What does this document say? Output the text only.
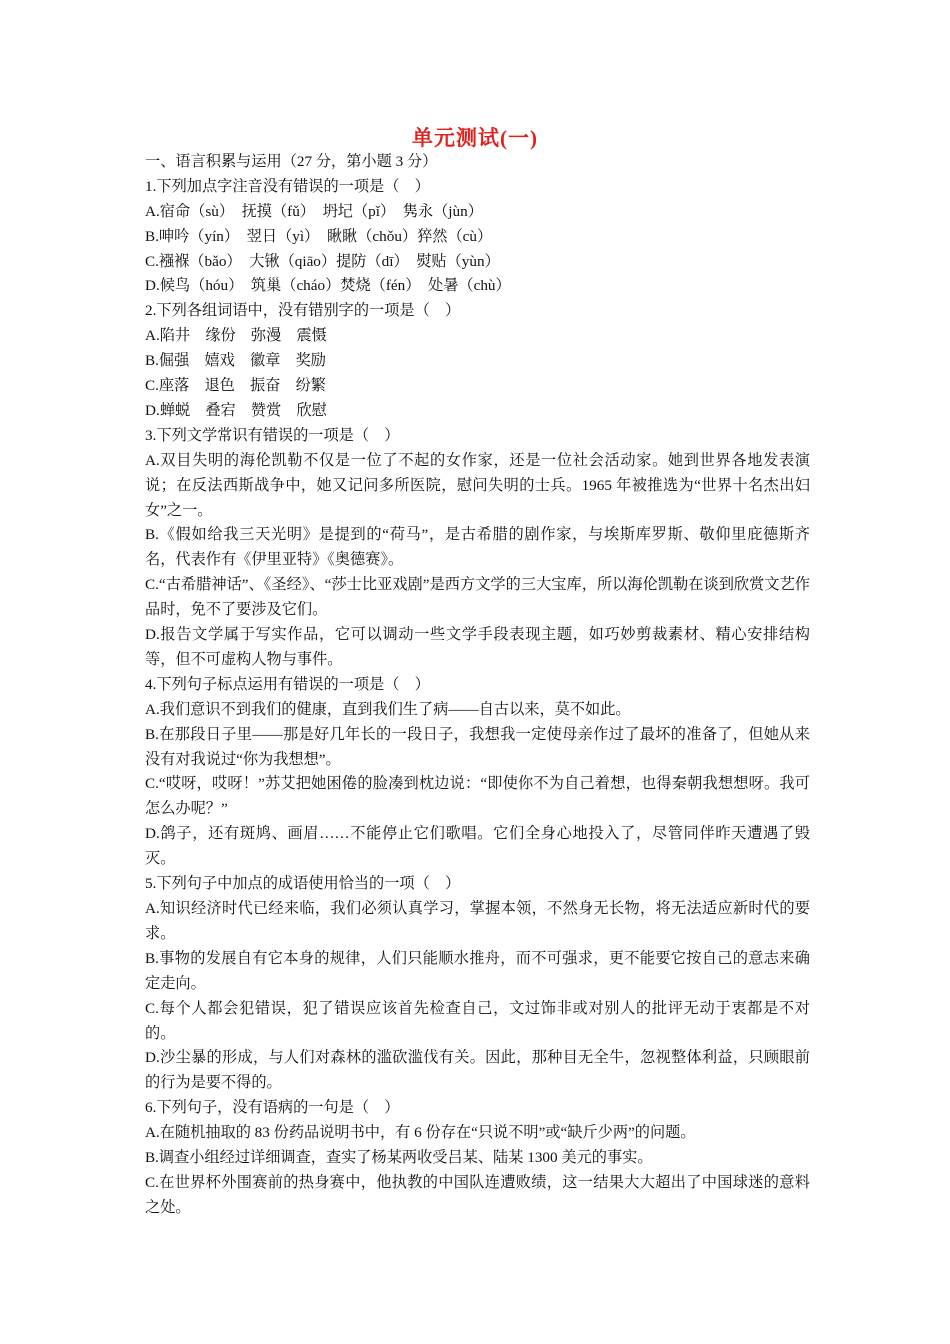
单元测试(一)
一、语言积累与运用（27 分，第小题 3 分）
1.下列加点字注音没有错误的一项是（　）
A.宿命（sù）　抚摸（fǔ）　坍圮（pǐ）　隽永（jùn）
B.呻吟（yín）　翌日（yì）　瞅瞅（chǒu）猝然（cù）
C.襁褓（bǎo）　大锹（qiāo）提防（dī）　熨贴（yùn）
D.候鸟（hóu）　筑巢（cháo）焚烧（fén）　处暑（chù）
2.下列各组词语中，没有错别字的一项是（　）
A.陷井　缘份　弥漫　震慑
B.倔强　嬉戏　徽章　奖励
C.座落　退色　振奋　纷繁
D.蝉蜕　叠宕　赞赏　欣慰
3.下列文学常识有错误的一项是（　）
A.双目失明的海伦凯勒不仅是一位了不起的女作家，还是一位社会活动家。她到世界各地发表演说；在反法西斯战争中，她又记问多所医院，慰问失明的士兵。1965 年被推选为“世界十名杰出妇女”之一。
B.《假如给我三天光明》是提到的“荷马”，是古希腊的剧作家，与埃斯库罗斯、敬仰里庇德斯齐名，代表作有《伊里亚特》《奥德赛》。
C.“古希腊神话”、《圣经》、“莎士比亚戏剧”是西方文学的三大宝库，所以海伦凯勒在谈到欣赏文艺作品时，免不了要涉及它们。
D.报告文学属于写实作品，它可以调动一些文学手段表现主题，如巧妙剪裁素材、精心安排结构等，但不可虚构人物与事件。
4.下列句子标点运用有错误的一项是（　）
A.我们意识不到我们的健康，直到我们生了病——自古以来，莫不如此。
B.在那段日子里——那是好几年长的一段日子，我想我一定使母亲作过了最坏的准备了，但她从来没有对我说过“你为我想想”。
C.“哎呀，哎呀！”苏艾把她困倦的脸凑到枕边说：“即使你不为自己着想，也得秦朝我想想呀。我可怎么办呢？”
D.鸽子，还有斑鸠、画眉……不能停止它们歌唱。它们全身心地投入了，尽管同伴昨天遭遇了毁灭。
5.下列句子中加点的成语使用恰当的一项（　）
A.知识经济时代已经来临，我们必须认真学习，掌握本领，不然身无长物，将无法适应新时代的要求。
B.事物的发展自有它本身的规律，人们只能顺水推舟，而不可强求，更不能要它按自己的意志来确定走向。
C.每个人都会犯错误，犯了错误应该首先检查自己，文过饰非或对别人的批评无动于衷都是不对的。
D.沙尘暴的形成，与人们对森林的滥砍滥伐有关。因此，那种目无全牛，忽视整体利益，只顾眼前的行为是要不得的。
6.下列句子，没有语病的一句是（　）
A.在随机抽取的 83 份药品说明书中，有 6 份存在“只说不明”或“缺斤少两”的问题。
B.调查小组经过详细调查，查实了杨某两收受吕某、陆某 1300 美元的事实。
C.在世界杯外围赛前的热身赛中，他执教的中国队连遭败绩，这一结果大大超出了中国球迷的意料之处。
